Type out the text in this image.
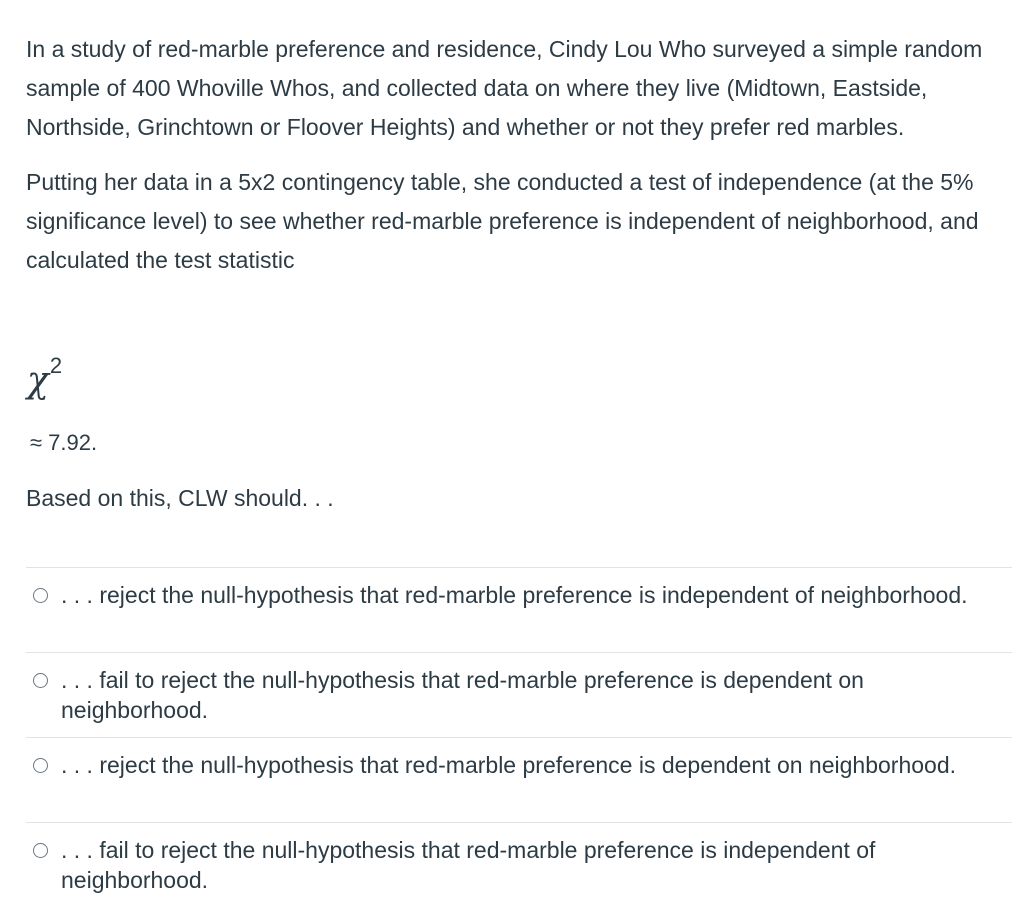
In a study of red-marble preference and residence, Cindy Lou Who surveyed a simple random sample of 400 Whoville Whos, and collected data on where they live (Midtown, Eastside, Northside, Grinchtown or Floover Heights) and whether or not they prefer red marbles.

Putting her data in a 5x2 contingency table, she conducted a test of independence (at the 5% significance level) to see whether red-marble preference is independent of neighborhood, and calculated the test statistic

$\chi^2$
≈ 7.92.
Based on this, CLW should. . .
. . . reject the null-hypothesis that red-marble preference is independent of neighborhood.
. . . fail to reject the null-hypothesis that red-marble preference is dependent on neighborhood.
. . . reject the null-hypothesis that red-marble preference is dependent on neighborhood.
. . . fail to reject the null-hypothesis that red-marble preference is independent of neighborhood.
